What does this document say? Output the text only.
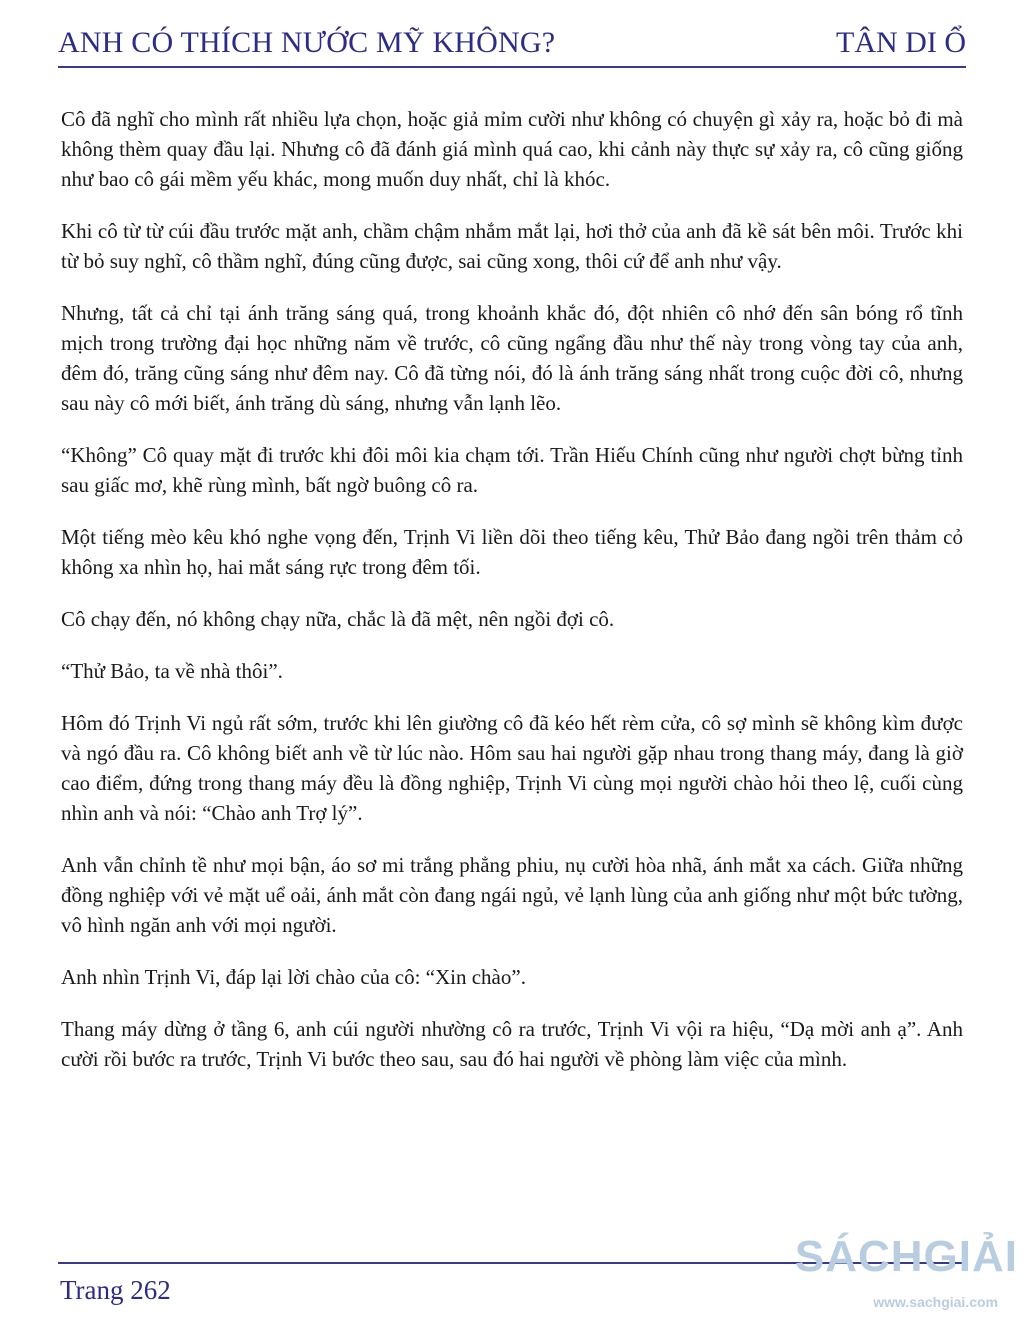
ANH CÓ THÍCH NƯỚC MỸ KHÔNG?	TÂN DI Ổ

Cô đã nghĩ cho mình rất nhiều lựa chọn, hoặc giả mỉm cười như không có chuyện gì xảy ra, hoặc bỏ đi mà không thèm quay đầu lại. Nhưng cô đã đánh giá mình quá cao, khi cảnh này thực sự xảy ra, cô cũng giống như bao cô gái mềm yếu khác, mong muốn duy nhất, chỉ là khóc.

Khi cô từ từ cúi đầu trước mặt anh, chầm chậm nhắm mắt lại, hơi thở của anh đã kề sát bên môi. Trước khi từ bỏ suy nghĩ, cô thầm nghĩ, đúng cũng được, sai cũng xong, thôi cứ để anh như vậy.

Nhưng, tất cả chỉ tại ánh trăng sáng quá, trong khoảnh khắc đó, đột nhiên cô nhớ đến sân bóng rổ tĩnh mịch trong trường đại học những năm về trước, cô cũng ngẩng đầu như thế này trong vòng tay của anh, đêm đó, trăng cũng sáng như đêm nay. Cô đã từng nói, đó là ánh trăng sáng nhất trong cuộc đời cô, nhưng sau này cô mới biết, ánh trăng dù sáng, nhưng vẫn lạnh lẽo.

“Không” Cô quay mặt đi trước khi đôi môi kia chạm tới. Trần Hiếu Chính cũng như người chợt bừng tỉnh sau giấc mơ, khẽ rùng mình, bất ngờ buông cô ra.

Một tiếng mèo kêu khó nghe vọng đến, Trịnh Vi liền dõi theo tiếng kêu, Thử Bảo đang ngồi trên thảm cỏ không xa nhìn họ, hai mắt sáng rực trong đêm tối.

Cô chạy đến, nó không chạy nữa, chắc là đã mệt, nên ngồi đợi cô.

“Thử Bảo, ta về nhà thôi”.

Hôm đó Trịnh Vi ngủ rất sớm, trước khi lên giường cô đã kéo hết rèm cửa, cô sợ mình sẽ không kìm được và ngó đầu ra. Cô không biết anh về từ lúc nào. Hôm sau hai người gặp nhau trong thang máy, đang là giờ cao điểm, đứng trong thang máy đều là đồng nghiệp, Trịnh Vi cùng mọi người chào hỏi theo lệ, cuối cùng nhìn anh và nói: “Chào anh Trợ lý”.

Anh vẫn chỉnh tề như mọi bận, áo sơ mi trắng phẳng phiu, nụ cười hòa nhã, ánh mắt xa cách. Giữa những đồng nghiệp với vẻ mặt uể oải, ánh mắt còn đang ngái ngủ, vẻ lạnh lùng của anh giống như một bức tường, vô hình ngăn anh với mọi người.

Anh nhìn Trịnh Vi, đáp lại lời chào của cô: “Xin chào”.

Thang máy dừng ở tầng 6, anh cúi người nhường cô ra trước, Trịnh Vi vội ra hiệu, “Dạ mời anh ạ”. Anh cười rồi bước ra trước, Trịnh Vi bước theo sau, sau đó hai người về phòng làm việc của mình.

Trang 262
SÁCHGIẢI
www.sachgiai.com
